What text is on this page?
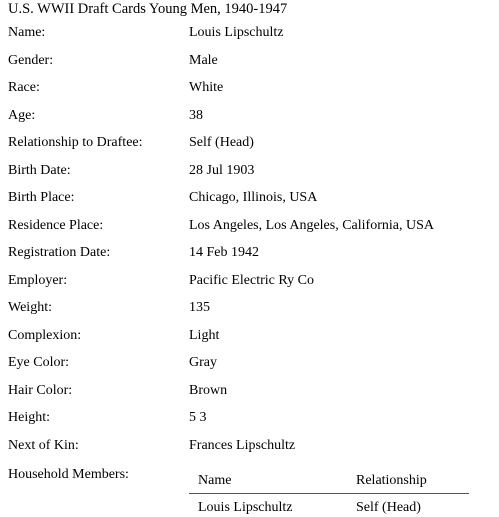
U.S. WWII Draft Cards Young Men, 1940-1947
Name:	Louis Lipschultz
Gender:	Male
Race:	White
Age:	38
Relationship to Draftee:	Self (Head)
Birth Date:	28 Jul 1903
Birth Place:	Chicago, Illinois, USA
Residence Place:	Los Angeles, Los Angeles, California, USA
Registration Date:	14 Feb 1942
Employer:	Pacific Electric Ry Co
Weight:	135
Complexion:	Light
Eye Color:	Gray
Hair Color:	Brown
Height:	5 3
Next of Kin:	Frances Lipschultz
Household Members:	Name	Relationship
Louis Lipschultz	Self (Head)
